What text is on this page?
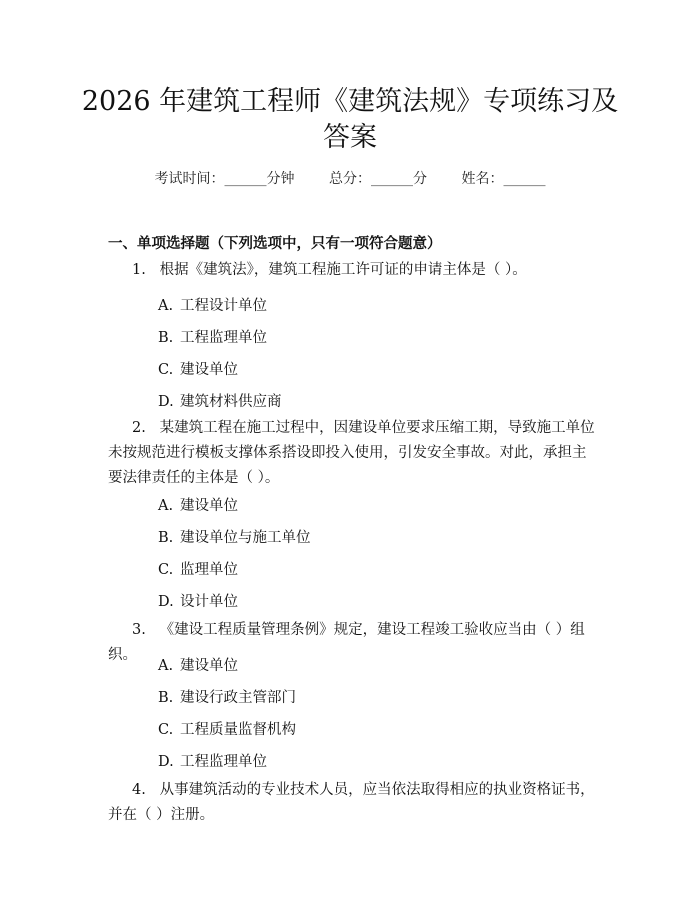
2026 年建筑工程师《建筑法规》专项练习及
答案
考试时间：______分钟 总分：______分 姓名：______
一、单项选择题（下列选项中，只有一项符合题意）
1. 根据《建筑法》，建筑工程施工许可证的申请主体是（ ）。
A. 工程设计单位
B. 工程监理单位
C. 建设单位
D. 建筑材料供应商
2. 某建筑工程在施工过程中，因建设单位要求压缩工期，导致施工单位未按规范进行模板支撑体系搭设即投入使用，引发安全事故。对此，承担主要法律责任的主体是（ ）。
A. 建设单位
B. 建设单位与施工单位
C. 监理单位
D. 设计单位
3. 《建设工程质量管理条例》规定，建设工程竣工验收应当由（ ）组织。
A. 建设单位
B. 建设行政主管部门
C. 工程质量监督机构
D. 工程监理单位
4. 从事建筑活动的专业技术人员，应当依法取得相应的执业资格证书，并在（ ）注册。
